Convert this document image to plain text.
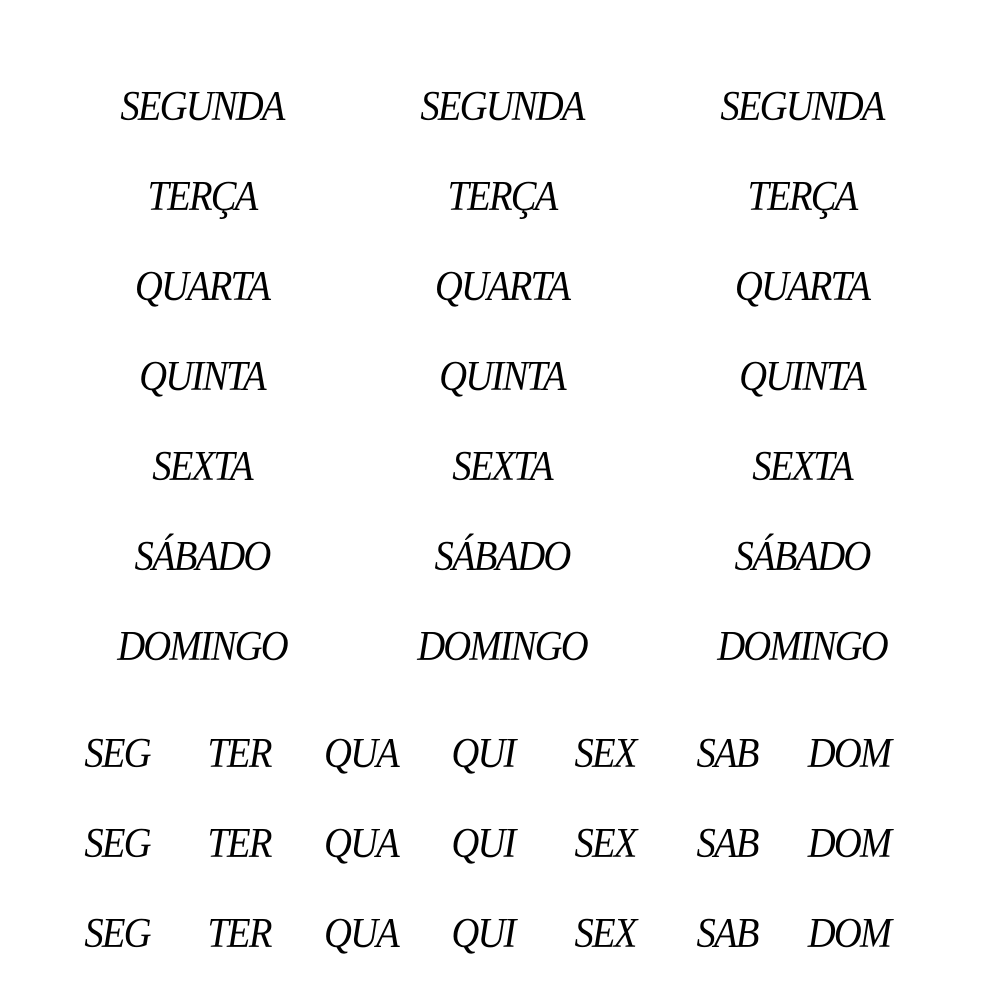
SEGUNDA	SEGUNDA	SEGUNDA
TERÇA	TERÇA	TERÇA
QUARTA	QUARTA	QUARTA
QUINTA	QUINTA	QUINTA
SEXTA	SEXTA	SEXTA
SÁBADO	SÁBADO	SÁBADO
DOMINGO	DOMINGO	DOMINGO
SEG	TER	QUA	QUI	SEX	SAB	DOM
SEG	TER	QUA	QUI	SEX	SAB	DOM
SEG	TER	QUA	QUI	SEX	SAB	DOM
